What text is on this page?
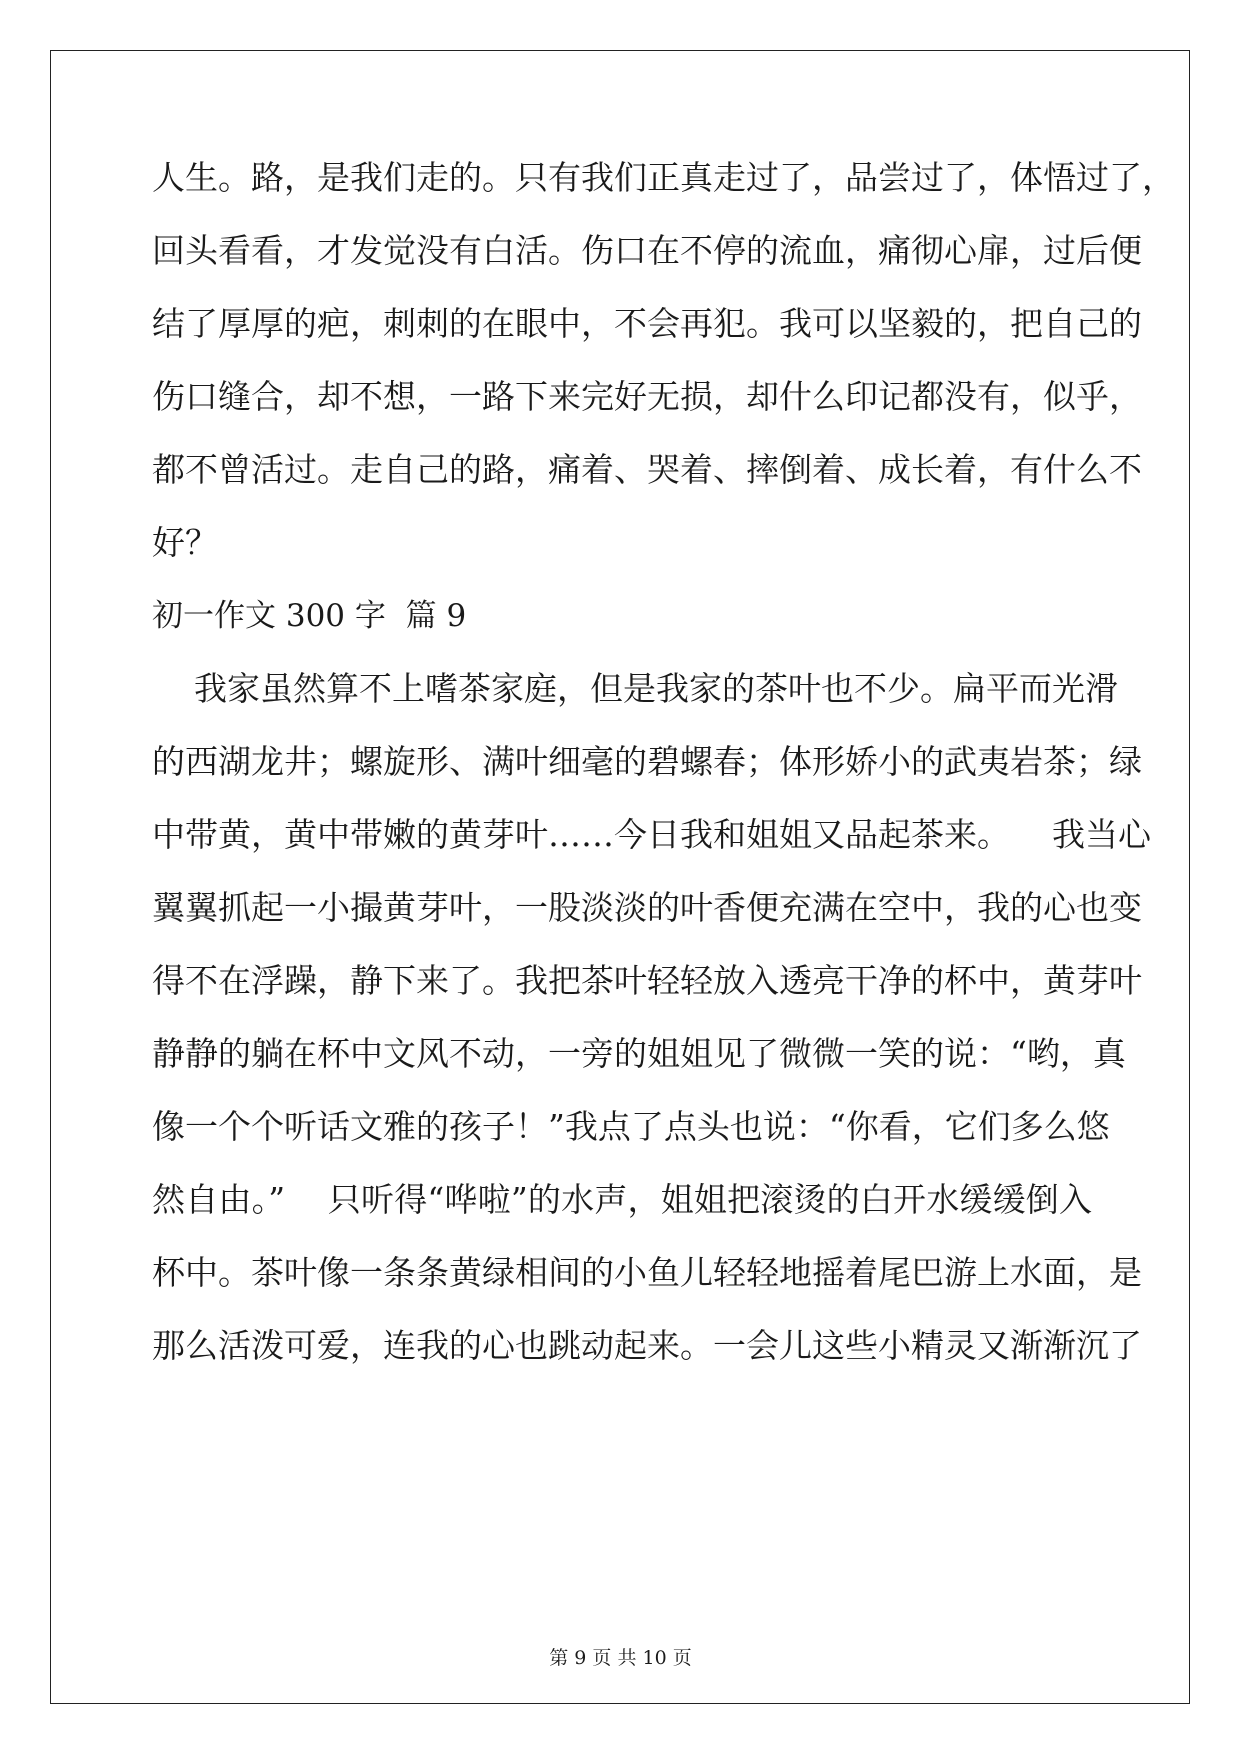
人生。路，是我们走的。只有我们正真走过了，品尝过了，体悟过了，
回头看看，才发觉没有白活。伤口在不停的流血，痛彻心扉，过后便
结了厚厚的疤，刺刺的在眼中，不会再犯。我可以坚毅的，把自己的
伤口缝合，却不想，一路下来完好无损，却什么印记都没有，似乎，
都不曾活过。走自己的路，痛着、哭着、摔倒着、成长着，有什么不
好？
初一作文 300 字  篇 9
我家虽然算不上嗜茶家庭，但是我家的茶叶也不少。扁平而光滑
的西湖龙井；螺旋形、满叶细毫的碧螺春；体形娇小的武夷岩茶；绿
中带黄，黄中带嫩的黄芽叶……今日我和姐姐又品起茶来。    我当心
翼翼抓起一小撮黄芽叶，一股淡淡的叶香便充满在空中，我的心也变
得不在浮躁，静下来了。我把茶叶轻轻放入透亮干净的杯中，黄芽叶
静静的躺在杯中文风不动，一旁的姐姐见了微微一笑的说：“哟，真
像一个个听话文雅的孩子！”我点了点头也说：“你看，它们多么悠
然自由。”    只听得“哗啦”的水声，姐姐把滚烫的白开水缓缓倒入
杯中。茶叶像一条条黄绿相间的小鱼儿轻轻地摇着尾巴游上水面，是
那么活泼可爱，连我的心也跳动起来。一会儿这些小精灵又渐渐沉了
第 9 页 共 10 页
